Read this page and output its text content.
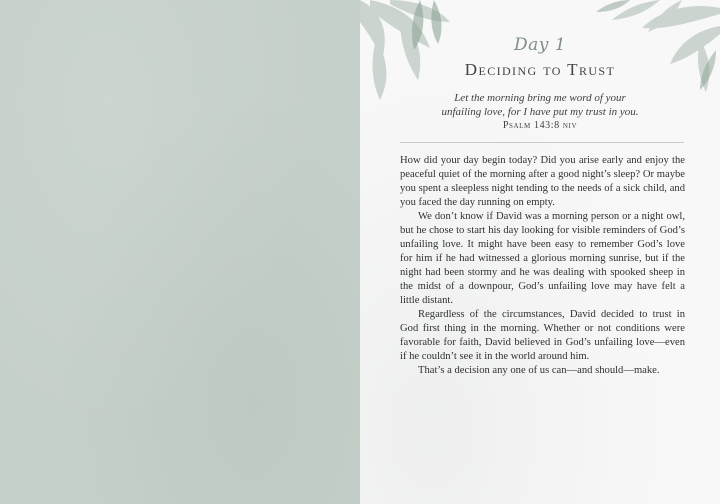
Day 1
Deciding to Trust
Let the morning bring me word of your
unfailing love, for I have put my trust in you.
Psalm 143:8 niv

How did your day begin today? Did you arise early and enjoy the peaceful quiet of the morning after a good night’s sleep? Or maybe you spent a sleepless night tending to the needs of a sick child, and you faced the day running on empty.

We don’t know if David was a morning person or a night owl, but he chose to start his day looking for visible reminders of God’s unfailing love. It might have been easy to remember God’s love for him if he had witnessed a glorious morning sunrise, but if the night had been stormy and he was dealing with spooked sheep in the midst of a downpour, God’s unfailing love may have felt a little distant.

Regardless of the circumstances, David decided to trust in God first thing in the morning. Whether or not conditions were favorable for faith, David believed in God’s unfailing love—even if he couldn’t see it in the world around him.

That’s a decision any one of us can—and should—make.
